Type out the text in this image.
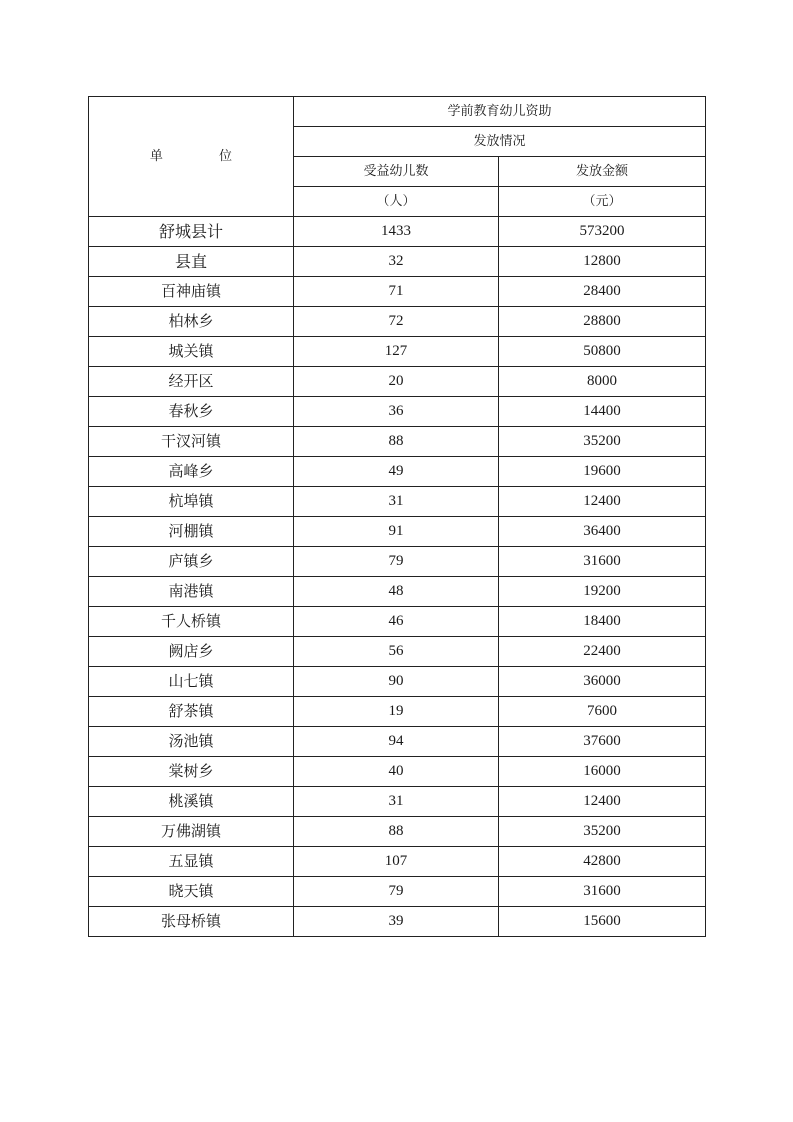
单 位	学前教育幼儿资助	
	发放情况	
	受益幼儿数	发放金额
	（人）	（元）
舒城县计	1433	573200
县直	32	12800
百神庙镇	71	28400
柏林乡	72	28800
城关镇	127	50800
经开区	20	8000
春秋乡	36	14400
干汊河镇	88	35200
高峰乡	49	19600
杭埠镇	31	12400
河棚镇	91	36400
庐镇乡	79	31600
南港镇	48	19200
千人桥镇	46	18400
阙店乡	56	22400
山七镇	90	36000
舒茶镇	19	7600
汤池镇	94	37600
棠树乡	40	16000
桃溪镇	31	12400
万佛湖镇	88	35200
五显镇	107	42800
晓天镇	79	31600
张母桥镇	39	15600
